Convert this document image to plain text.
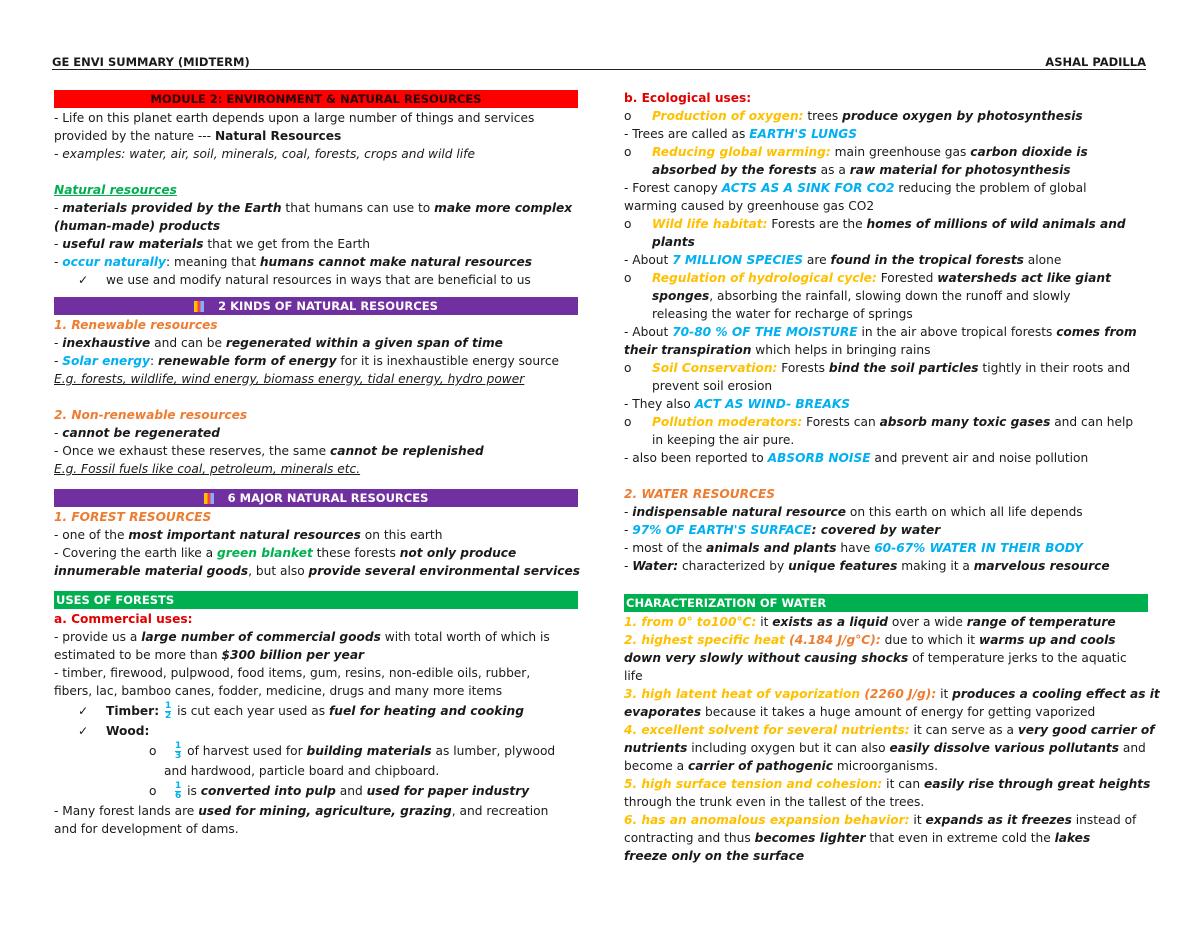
GE ENVI SUMMARY (MIDTERM)	ASHAL PADILLA
MODULE 2: ENVIRONMENT & NATURAL RESOURCES
- Life on this planet earth depends upon a large number of things and services
provided by the nature --- Natural Resources
- examples: water, air, soil, minerals, coal, forests, crops and wild life
Natural resources
- materials provided by the Earth that humans can use to make more complex
(human-made) products
- useful raw materials that we get from the Earth
- occur naturally: meaning that humans cannot make natural resources
✓ we use and modify natural resources in ways that are beneficial to us
2 KINDS OF NATURAL RESOURCES
1. Renewable resources
- inexhaustive and can be regenerated within a given span of time
- Solar energy: renewable form of energy for it is inexhaustible energy source
E.g. forests, wildlife, wind energy, biomass energy, tidal energy, hydro power
2. Non-renewable resources
- cannot be regenerated
- Once we exhaust these reserves, the same cannot be replenished
E.g. Fossil fuels like coal, petroleum, minerals etc.
6 MAJOR NATURAL RESOURCES
1. FOREST RESOURCES
- one of the most important natural resources on this earth
- Covering the earth like a green blanket these forests not only produce
innumerable material goods, but also provide several environmental services
USES OF FORESTS
a. Commercial uses:
- provide us a large number of commercial goods with total worth of which is
estimated to be more than $300 billion per year
- timber, firewood, pulpwood, food items, gum, resins, non-edible oils, rubber,
fibers, lac, bamboo canes, fodder, medicine, drugs and many more items
✓ Timber: $\frac{1}{2}$ is cut each year used as fuel for heating and cooking
✓ Wood:
o $\frac{1}{3}$ of harvest used for building materials as lumber, plywood
and hardwood, particle board and chipboard.
o $\frac{1}{6}$ is converted into pulp and used for paper industry
- Many forest lands are used for mining, agriculture, grazing, and recreation
and for development of dams.
b. Ecological uses:
o Production of oxygen: trees produce oxygen by photosynthesis
- Trees are called as EARTH'S LUNGS
o Reducing global warming: main greenhouse gas carbon dioxide is
absorbed by the forests as a raw material for photosynthesis
- Forest canopy ACTS AS A SINK FOR CO2 reducing the problem of global
warming caused by greenhouse gas CO2
o Wild life habitat: Forests are the homes of millions of wild animals and
plants
- About 7 MILLION SPECIES are found in the tropical forests alone
o Regulation of hydrological cycle: Forested watersheds act like giant
sponges, absorbing the rainfall, slowing down the runoff and slowly
releasing the water for recharge of springs
- About 70-80 % OF THE MOISTURE in the air above tropical forests comes from
their transpiration which helps in bringing rains
o Soil Conservation: Forests bind the soil particles tightly in their roots and
prevent soil erosion
- They also ACT AS WIND- BREAKS
o Pollution moderators: Forests can absorb many toxic gases and can help
in keeping the air pure.
- also been reported to ABSORB NOISE and prevent air and noise pollution
2. WATER RESOURCES
- indispensable natural resource on this earth on which all life depends
- 97% OF EARTH'S SURFACE: covered by water
- most of the animals and plants have 60-67% WATER IN THEIR BODY
- Water: characterized by unique features making it a marvelous resource
CHARACTERIZATION OF WATER
1. from 0° to100°C: it exists as a liquid over a wide range of temperature
2. highest specific heat (4.184 J/g°C): due to which it warms up and cools
down very slowly without causing shocks of temperature jerks to the aquatic
life
3. high latent heat of vaporization (2260 J/g): it produces a cooling effect as it
evaporates because it takes a huge amount of energy for getting vaporized
4. excellent solvent for several nutrients: it can serve as a very good carrier of
nutrients including oxygen but it can also easily dissolve various pollutants and
become a carrier of pathogenic microorganisms.
5. high surface tension and cohesion: it can easily rise through great heights
through the trunk even in the tallest of the trees.
6. has an anomalous expansion behavior: it expands as it freezes instead of
contracting and thus becomes lighter that even in extreme cold the lakes
freeze only on the surface
